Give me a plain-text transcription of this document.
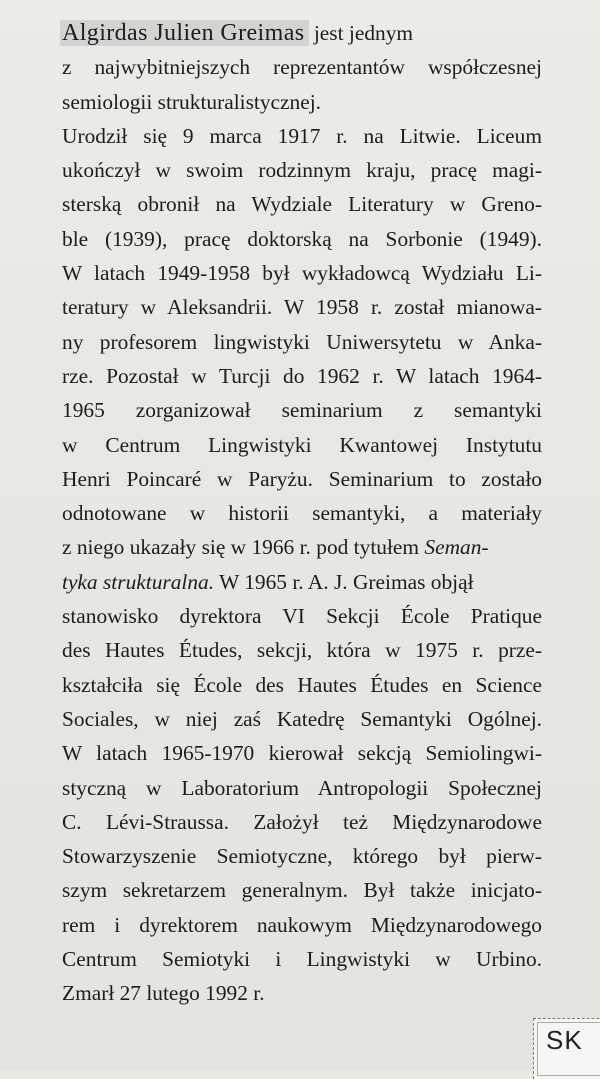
Algirdas Julien Greimas jest jednym
z najwybitniejszych reprezentantów współczesnej
semiologii strukturalistycznej.
Urodził się 9 marca 1917 r. na Litwie. Liceum
ukończył w swoim rodzinnym kraju, pracę magi-
sterską obronił na Wydziale Literatury w Greno-
ble (1939), pracę doktorską na Sorbonie (1949).
W latach 1949-1958 był wykładowcą Wydziału Li-
teratury w Aleksandrii. W 1958 r. został mianowa-
ny profesorem lingwistyki Uniwersytetu w Anka-
rze. Pozostał w Turcji do 1962 r. W latach 1964-
1965 zorganizował seminarium z semantyki
w Centrum Lingwistyki Kwantowej Instytutu
Henri Poincaré w Paryżu. Seminarium to zostało
odnotowane w historii semantyki, a materiały
z niego ukazały się w 1966 r. pod tytułem Seman-
tyka strukturalna. W 1965 r. A. J. Greimas objął
stanowisko dyrektora VI Sekcji École Pratique
des Hautes Études, sekcji, która w 1975 r. prze-
kształciła się École des Hautes Études en Science
Sociales, w niej zaś Katedrę Semantyki Ogólnej.
W latach 1965-1970 kierował sekcją Semiolingwi-
styczną w Laboratorium Antropologii Społecznej
C. Lévi-Straussa. Założył też Międzynarodowe
Stowarzyszenie Semiotyczne, którego był pierw-
szym sekretarzem generalnym. Był także inicjato-
rem i dyrektorem naukowym Międzynarodowego
Centrum Semiotyki i Lingwistyki w Urbino.
Zmarł 27 lutego 1992 r.
SK
